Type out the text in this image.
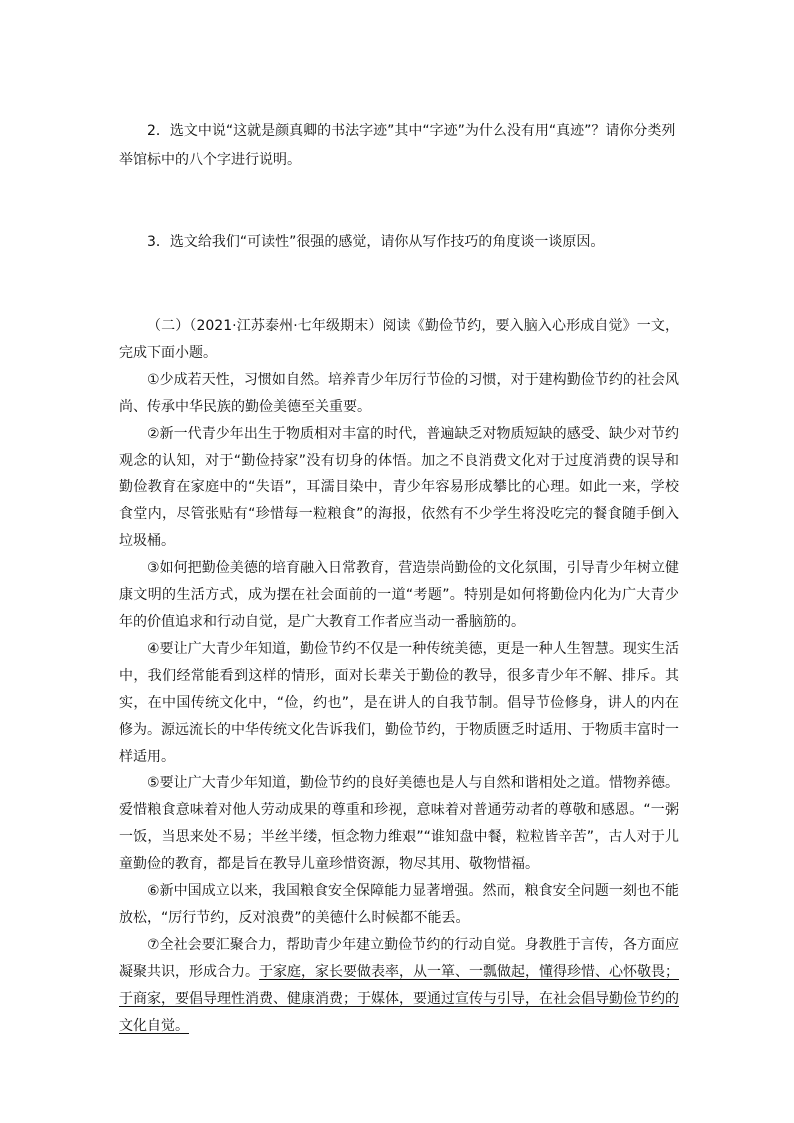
2．选文中说“这就是颜真卿的书法字迹”其中“字迹”为什么没有用“真迹”？请你分类列举馆标中的八个字进行说明。

3．选文给我们“可读性”很强的感觉，请你从写作技巧的角度谈一谈原因。

（二）（2021·江苏泰州·七年级期末）阅读《勤俭节约，要入脑入心形成自觉》一文，完成下面小题。

①少成若天性，习惯如自然。培养青少年厉行节俭的习惯，对于建构勤俭节约的社会风尚、传承中华民族的勤俭美德至关重要。

②新一代青少年出生于物质相对丰富的时代，普遍缺乏对物质短缺的感受、缺少对节约观念的认知，对于“勤俭持家”没有切身的体悟。加之不良消费文化对于过度消费的误导和勤俭教育在家庭中的“失语”，耳濡目染中，青少年容易形成攀比的心理。如此一来，学校食堂内，尽管张贴有“珍惜每一粒粮食”的海报，依然有不少学生将没吃完的餐食随手倒入垃圾桶。

③如何把勤俭美德的培育融入日常教育，营造崇尚勤俭的文化氛围，引导青少年树立健康文明的生活方式，成为摆在社会面前的一道“考题”。特别是如何将勤俭内化为广大青少年的价值追求和行动自觉，是广大教育工作者应当动一番脑筋的。

④要让广大青少年知道，勤俭节约不仅是一种传统美德，更是一种人生智慧。现实生活中，我们经常能看到这样的情形，面对长辈关于勤俭的教导，很多青少年不解、排斥。其实，在中国传统文化中，“俭，约也”，是在讲人的自我节制。倡导节俭修身，讲人的内在修为。源远流长的中华传统文化告诉我们，勤俭节约，于物质匮乏时适用、于物质丰富时一样适用。

⑤要让广大青少年知道，勤俭节约的良好美德也是人与自然和谐相处之道。惜物养德。爱惜粮食意味着对他人劳动成果的尊重和珍视，意味着对普通劳动者的尊敬和感恩。“一粥一饭，当思来处不易；半丝半缕，恒念物力维艰”“谁知盘中餐，粒粒皆辛苦”，古人对于儿童勤俭的教育，都是旨在教导儿童珍惜资源，物尽其用、敬物惜福。

⑥新中国成立以来，我国粮食安全保障能力显著增强。然而，粮食安全问题一刻也不能放松，“厉行节约，反对浪费”的美德什么时候都不能丢。

⑦全社会要汇聚合力，帮助青少年建立勤俭节约的行动自觉。身教胜于言传，各方面应凝聚共识，形成合力。于家庭，家长要做表率，从一箪、一瓢做起，懂得珍惜、心怀敬畏；于商家，要倡导理性消费、健康消费；于媒体，要通过宣传与引导，在社会倡导勤俭节约的文化自觉。
